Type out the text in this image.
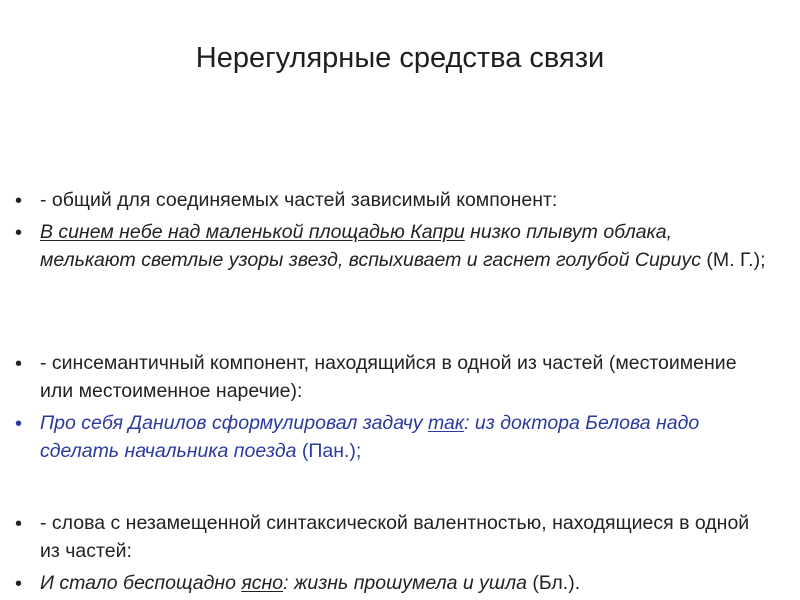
Нерегулярные средства связи
• - общий для соединяемых частей зависимый компонент:
• В синем небе над маленькой площадью Капри низко плывут облака, мелькают светлые узоры звезд, вспыхивает и гаснет голубой Сириус (М. Г.);
• - синсемантичный компонент, находящийся в одной из частей (местоимение или местоименное наречие):
• Про себя Данилов сформулировал задачу так: из доктора Белова надо сделать начальника поезда (Пан.);
• - слова с незамещенной синтаксической валентностью, находящиеся в одной из частей:
• И стало беспощадно ясно: жизнь прошумела и ушла (Бл.).
